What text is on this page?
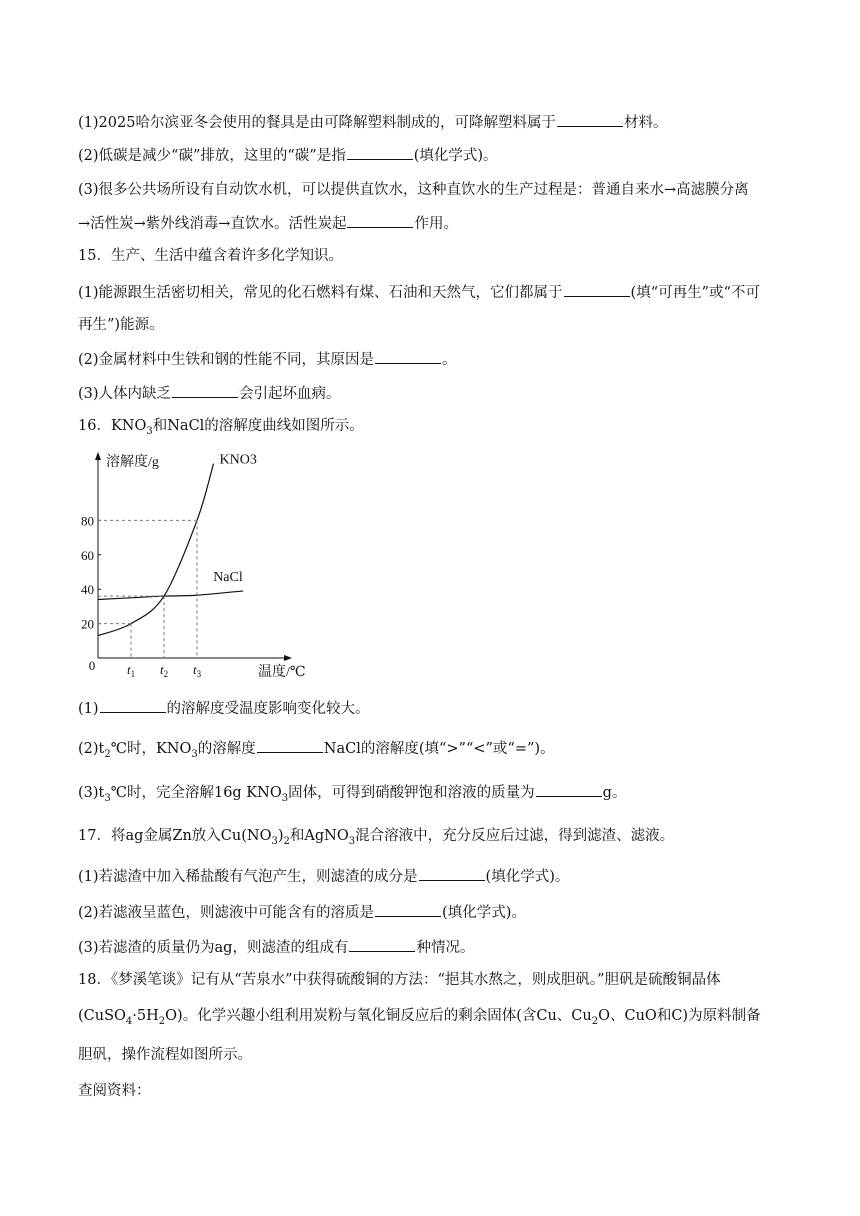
(1)2025哈尔滨亚冬会使用的餐具是由可降解塑料制成的，可降解塑料属于	材料。
(2)低碳是减少“碳”排放，这里的“碳”是指	(填化学式)。
(3)很多公共场所设有自动饮水机，可以提供直饮水，这种直饮水的生产过程是：普通自来水→高滤膜分离
→活性炭→紫外线消毒→直饮水。活性炭起	作用。
15．生产、生活中蕴含着许多化学知识。
(1)能源跟生活密切相关，常见的化石燃料有煤、石油和天然气，它们都属于	(填“可再生”或“不可
再生”)能源。
(2)金属材料中生铁和钢的性能不同，其原因是	。
(3)人体内缺乏	会引起坏血病。
16．$KNO_3$和NaCl的溶解度曲线如图所示。
溶解度/g
温度/℃
0
20
40
60
80
KNO3
NaCl
$t_1$ $t_2$ $t_3$
(1)	的溶解度受温度影响变化较大。
$(2)t_2℃$时，$KNO_3$的溶解度	NaCl的溶解度(填“>”“<”或“=”)。
$(3)t_3℃$时，完全溶解16g $KNO_3$固体，可得到硝酸钾饱和溶液的质量为	g。
17．将ag金属Zn放入$Cu(NO_3)_2$和AgNO$_3$混合溶液中，充分反应后过滤，得到滤渣、滤液。
(1)若滤渣中加入稀盐酸有气泡产生，则滤渣的成分是	(填化学式)。
(2)若滤液呈蓝色，则滤液中可能含有的溶质是	(填化学式)。
(3)若滤渣的质量仍为ag，则滤渣的组成有	种情况。
18．《梦溪笔谈》记有从“苦泉水”中获得硫酸铜的方法：“挹其水熬之，则成胆矾。”胆矾是硫酸铜晶体
$(CuSO_4\cdot 5H_2O)$。化学兴趣小组利用炭粉与氧化铜反应后的剩余固体(含Cu、$Cu_2O$、CuO和C)为原料制备
胆矾，操作流程如图所示。
查阅资料：
